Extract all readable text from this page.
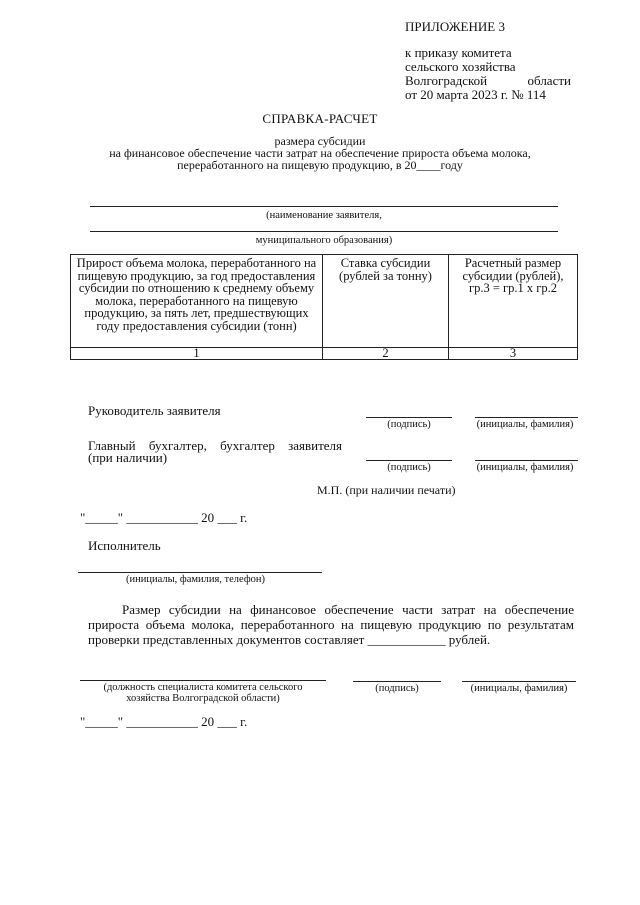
ПРИЛОЖЕНИЕ 3
к приказу комитета
сельского хозяйства
Волгоградской	области
от 20 марта 2023 г. № 114
СПРАВКА-РАСЧЕТ
размера субсидии
на финансовое обеспечение части затрат на обеспечение прироста объема молока,
переработанного на пищевую продукцию, в 20____году
(наименование заявителя,
муниципального образования)
Прирост объема молока, переработанного на пищевую продукцию, за год предоставления субсидии по отношению к среднему объему молока, переработанного на пищевую продукцию, за пять лет, предшествующих году предоставления субсидии (тонн)	Ставка субсидии (рублей за тонну)	Расчетный размер субсидии (рублей), гр.3 = гр.1 x гр.2
1	2	3
Руководитель заявителя
(подпись)	(инициалы, фамилия)
Главный бухгалтер, бухгалтер заявителя
(при наличии)
(подпись)	(инициалы, фамилия)
М.П. (при наличии печати)
"_____" ___________ 20 ___ г.
Исполнитель
(инициалы, фамилия, телефон)
Размер субсидии на финансовое обеспечение части затрат на обеспечение прироста объема молока, переработанного на пищевую продукцию по результатам проверки представленных документов составляет ____________ рублей.
(должность специалиста комитета сельского
хозяйства Волгоградской области)
(подпись)	(инициалы, фамилия)
"_____" ___________ 20 ___ г.
